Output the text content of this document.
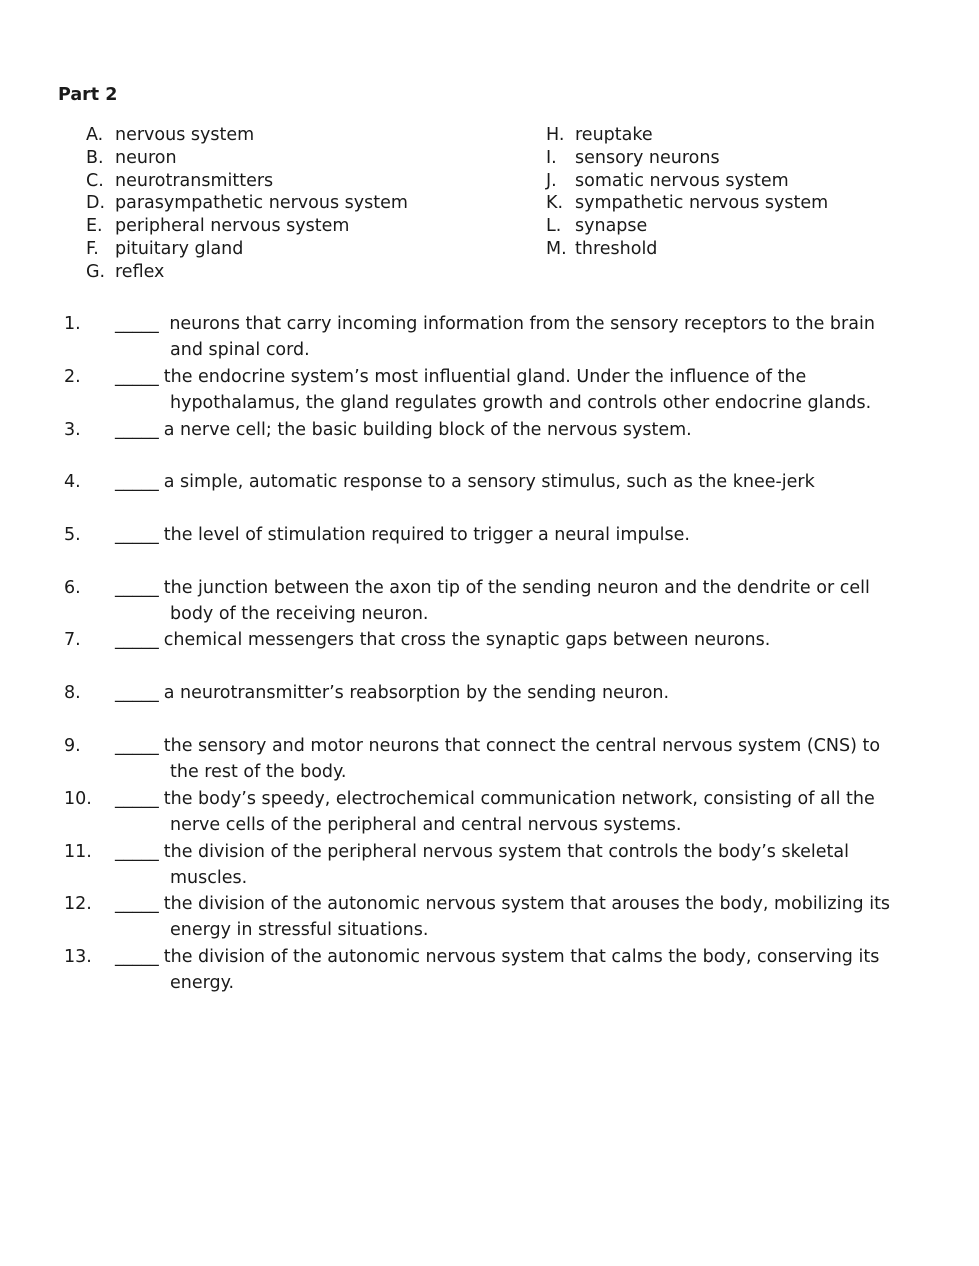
Part 2
A. nervous system
B. neuron
C. neurotransmitters
D. parasympathetic nervous system
E. peripheral nervous system
F. pituitary gland
G. reflex
H. reuptake
I. sensory neurons
J. somatic nervous system
K. sympathetic nervous system
L. synapse
M. threshold
1.	_____ neurons that carry incoming information from the sensory receptors to the brain
and spinal cord.
2.	_____ the endocrine system’s most influential gland. Under the influence of the
hypothalamus, the gland regulates growth and controls other endocrine glands.
3.	_____ a nerve cell; the basic building block of the nervous system.
4.	_____ a simple, automatic response to a sensory stimulus, such as the knee-jerk
5.	_____ the level of stimulation required to trigger a neural impulse.
6.	_____ the junction between the axon tip of the sending neuron and the dendrite or cell
body of the receiving neuron.
7.	_____ chemical messengers that cross the synaptic gaps between neurons.
8.	_____ a neurotransmitter’s reabsorption by the sending neuron.
9.	_____ the sensory and motor neurons that connect the central nervous system (CNS) to
the rest of the body.
10.	_____ the body’s speedy, electrochemical communication network, consisting of all the
nerve cells of the peripheral and central nervous systems.
11.	_____ the division of the peripheral nervous system that controls the body’s skeletal
muscles.
12.	_____ the division of the autonomic nervous system that arouses the body, mobilizing its
energy in stressful situations.
13.	_____ the division of the autonomic nervous system that calms the body, conserving its
energy.
